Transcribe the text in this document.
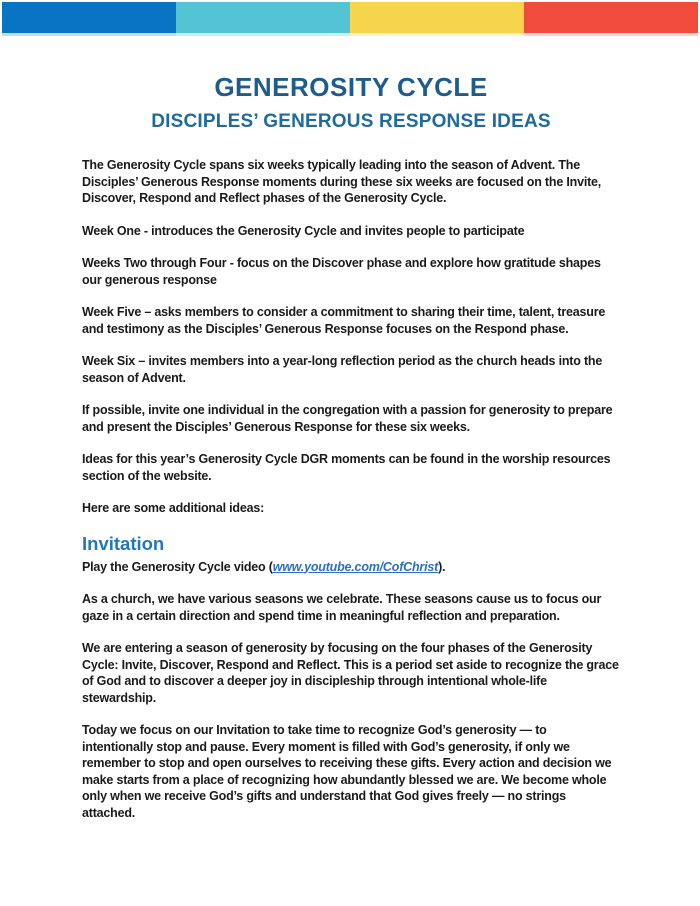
GENEROSITY CYCLE
DISCIPLES’ GENEROUS RESPONSE IDEAS

The Generosity Cycle spans six weeks typically leading into the season of Advent. The Disciples’ Generous Response moments during these six weeks are focused on the Invite, Discover, Respond and Reflect phases of the Generosity Cycle.

Week One - introduces the Generosity Cycle and invites people to participate

Weeks Two through Four - focus on the Discover phase and explore how gratitude shapes our generous response

Week Five – asks members to consider a commitment to sharing their time, talent, treasure and testimony as the Disciples’ Generous Response focuses on the Respond phase.

Week Six – invites members into a year-long reflection period as the church heads into the season of Advent.

If possible, invite one individual in the congregation with a passion for generosity to prepare and present the Disciples’ Generous Response for these six weeks.

Ideas for this year’s Generosity Cycle DGR moments can be found in the worship resources section of the website.

Here are some additional ideas:

Invitation

Play the Generosity Cycle video (www.youtube.com/CofChrist).

As a church, we have various seasons we celebrate. These seasons cause us to focus our gaze in a certain direction and spend time in meaningful reflection and preparation.

We are entering a season of generosity by focusing on the four phases of the Generosity Cycle: Invite, Discover, Respond and Reflect. This is a period set aside to recognize the grace of God and to discover a deeper joy in discipleship through intentional whole-life stewardship.

Today we focus on our Invitation to take time to recognize God’s generosity — to intentionally stop and pause. Every moment is filled with God’s generosity, if only we remember to stop and open ourselves to receiving these gifts. Every action and decision we make starts from a place of recognizing how abundantly blessed we are. We become whole only when we receive God’s gifts and understand that God gives freely — no strings attached.
